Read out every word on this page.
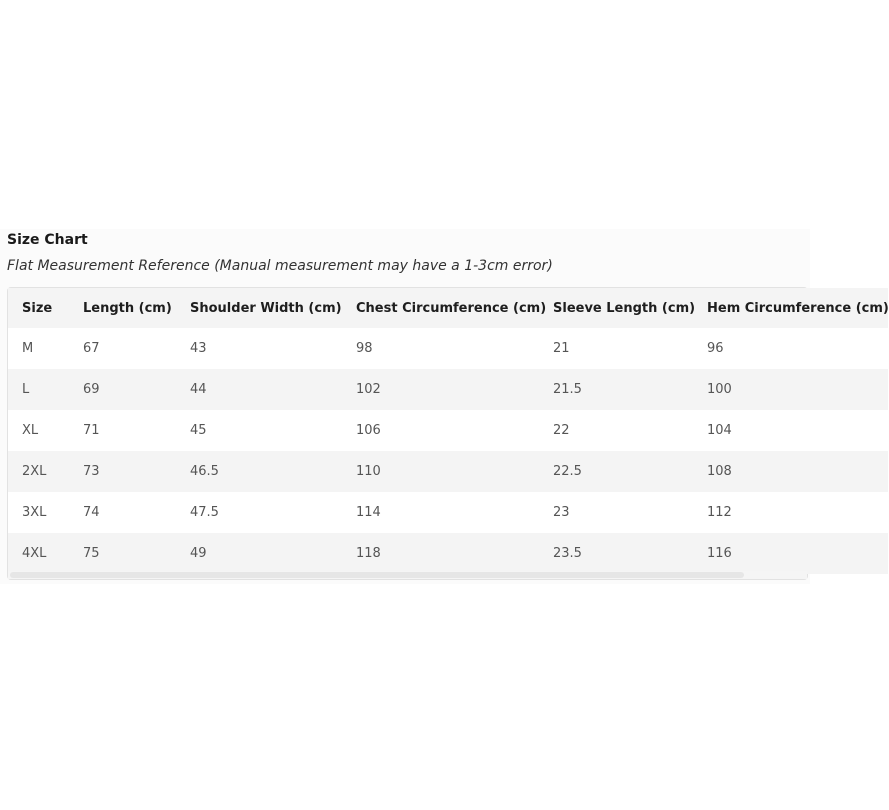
Size Chart
Flat Measurement Reference (Manual measurement may have a 1-3cm error)
Size	Length (cm)	Shoulder Width (cm)	Chest Circumference (cm)	Sleeve Length (cm)	Hem Circumference (cm)
M	67	43	98	21	96
L	69	44	102	21.5	100
XL	71	45	106	22	104
2XL	73	46.5	110	22.5	108
3XL	74	47.5	114	23	112
4XL	75	49	118	23.5	116
